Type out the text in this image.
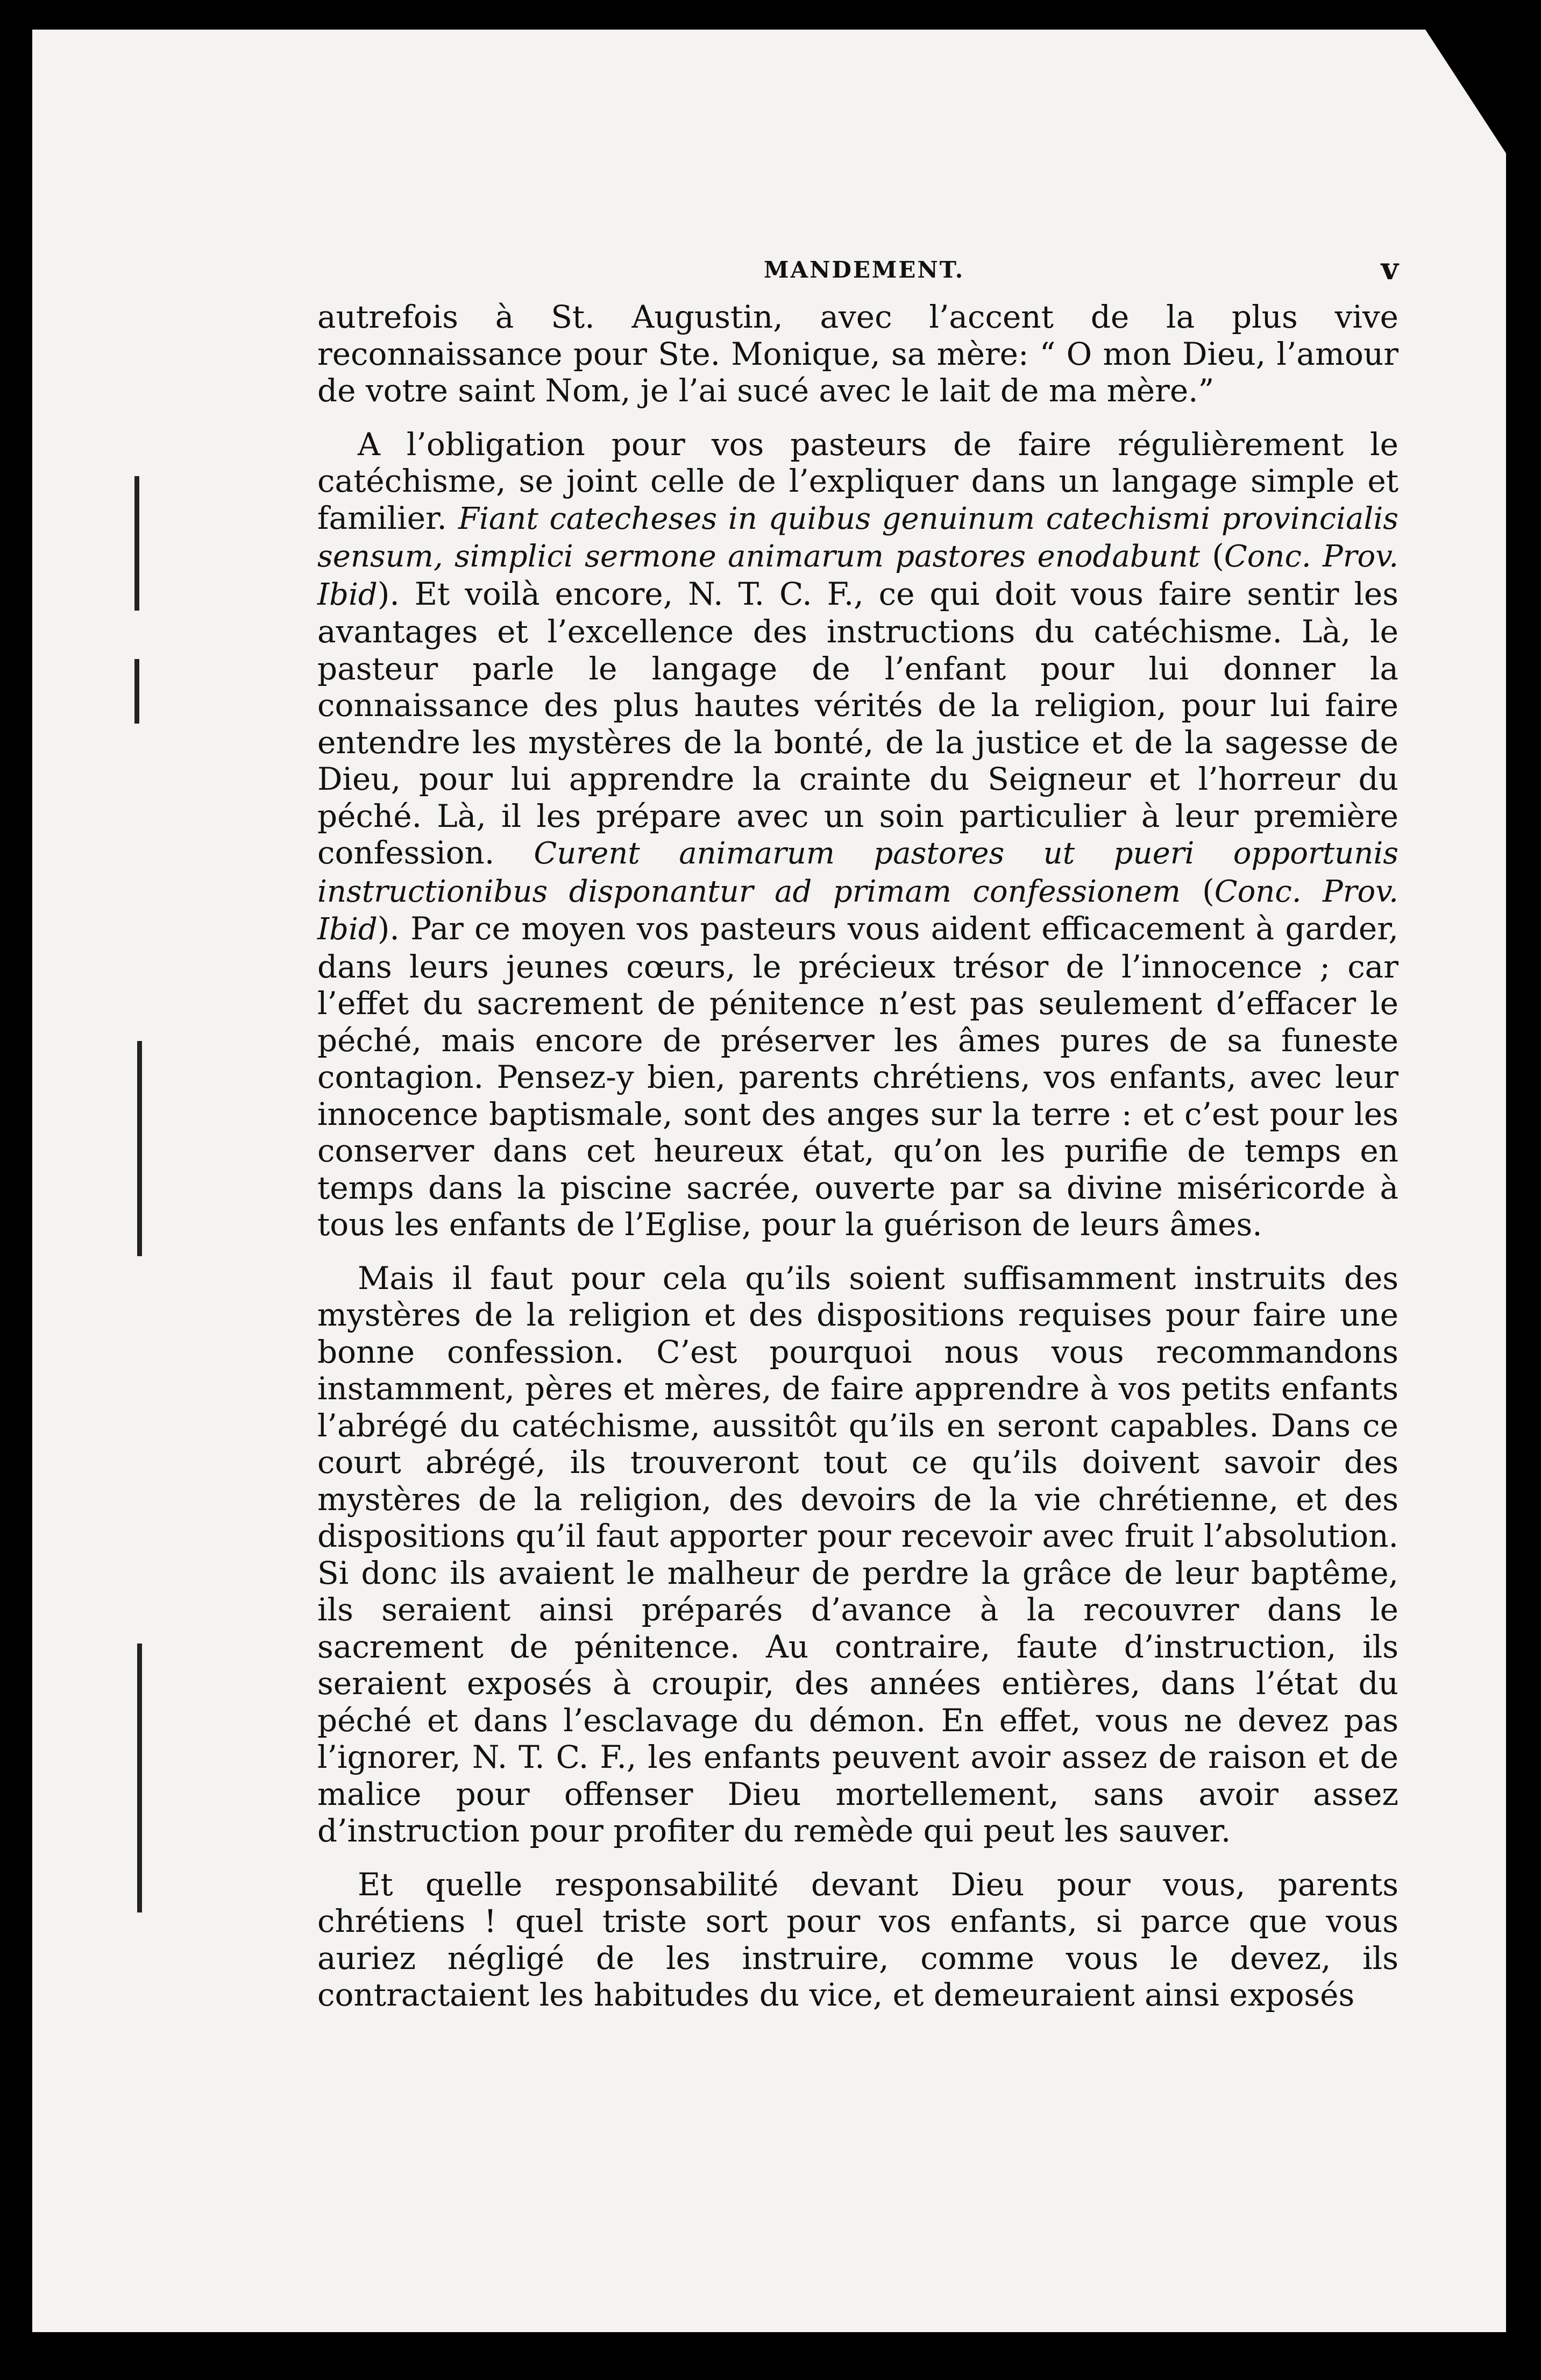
MANDEMENT.	v

autrefois à St. Augustin, avec l’accent de la plus vive reconnaissance pour Ste. Monique, sa mère: “ O mon Dieu, l’amour de votre saint Nom, je l’ai sucé avec le lait de ma mère.”

A l’obligation pour vos pasteurs de faire régulièrement le catéchisme, se joint celle de l’expliquer dans un langage simple et familier. Fiant catecheses in quibus genuinum catechismi provincialis sensum, simplici sermone animarum pastores enodabunt (Conc. Prov. Ibid). Et voilà encore, N. T. C. F., ce qui doit vous faire sentir les avantages et l’excellence des instructions du catéchisme. Là, le pasteur parle le langage de l’enfant pour lui donner la connaissance des plus hautes vérités de la religion, pour lui faire entendre les mystères de la bonté, de la justice et de la sagesse de Dieu, pour lui apprendre la crainte du Seigneur et l’horreur du péché. Là, il les prépare avec un soin particulier à leur première confession. Curent animarum pastores ut pueri opportunis instructionibus disponantur ad primam confessionem (Conc. Prov. Ibid). Par ce moyen vos pasteurs vous aident efficacement à garder, dans leurs jeunes cœurs, le précieux trésor de l’innocence ; car l’effet du sacrement de pénitence n’est pas seulement d’effacer le péché, mais encore de préserver les âmes pures de sa funeste contagion. Pensez-y bien, parents chrétiens, vos enfants, avec leur innocence baptismale, sont des anges sur la terre : et c’est pour les conserver dans cet heureux état, qu’on les purifie de temps en temps dans la piscine sacrée, ouverte par sa divine miséricorde à tous les enfants de l’Eglise, pour la guérison de leurs âmes.

Mais il faut pour cela qu’ils soient suffisamment instruits des mystères de la religion et des dispositions requises pour faire une bonne confession. C’est pourquoi nous vous recommandons instamment, pères et mères, de faire apprendre à vos petits enfants l’abrégé du catéchisme, aussitôt qu’ils en seront capables. Dans ce court abrégé, ils trouveront tout ce qu’ils doivent savoir des mystères de la religion, des devoirs de la vie chrétienne, et des dispositions qu’il faut apporter pour recevoir avec fruit l’absolution. Si donc ils avaient le malheur de perdre la grâce de leur baptême, ils seraient ainsi préparés d’avance à la recouvrer dans le sacrement de pénitence. Au contraire, faute d’instruction, ils seraient exposés à croupir, des années entières, dans l’état du péché et dans l’esclavage du démon. En effet, vous ne devez pas l’ignorer, N. T. C. F., les enfants peuvent avoir assez de raison et de malice pour offenser Dieu mortellement, sans avoir assez d’instruction pour profiter du remède qui peut les sauver.

Et quelle responsabilité devant Dieu pour vous, parents chrétiens ! quel triste sort pour vos enfants, si parce que vous auriez négligé de les instruire, comme vous le devez, ils contractaient les habitudes du vice, et demeuraient ainsi exposés
